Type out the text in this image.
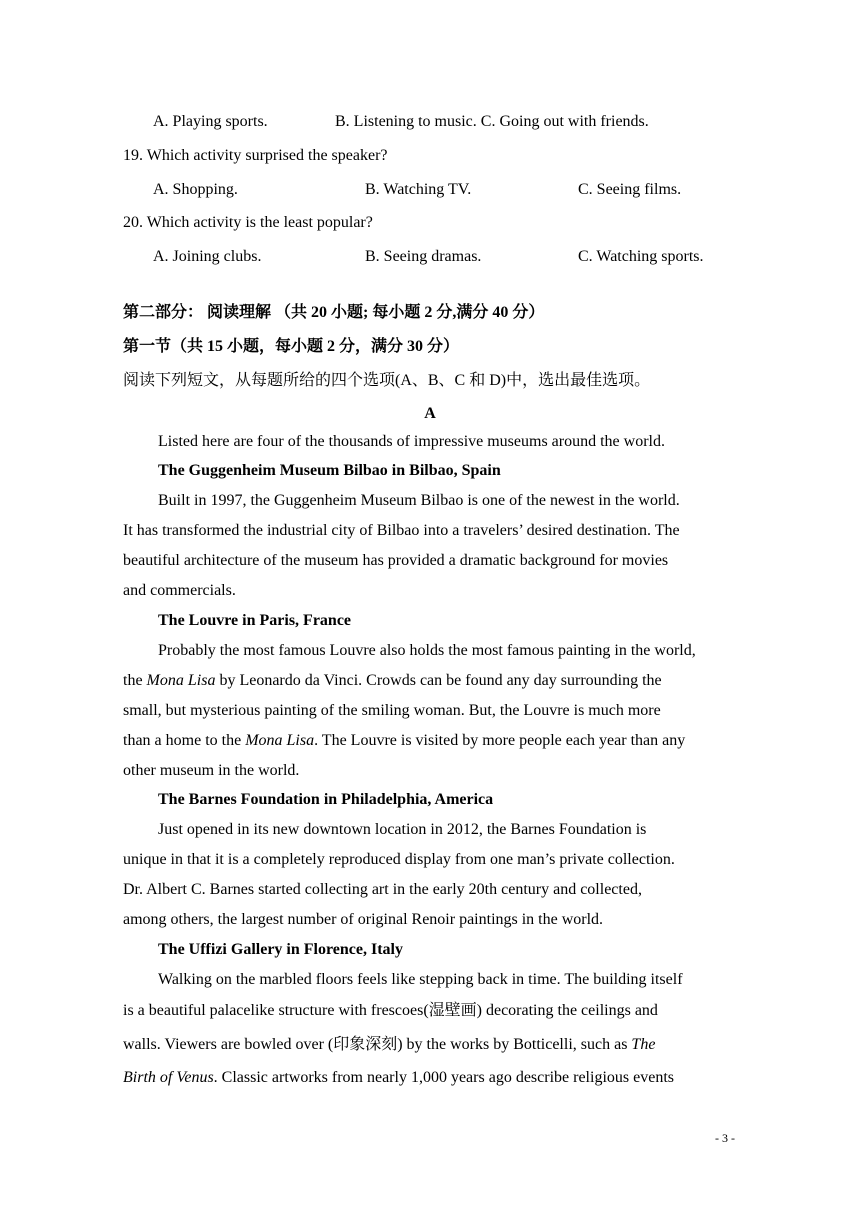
A. Playing sports.	B. Listening to music. C. Going out with friends.
19. Which activity surprised the speaker?
A. Shopping.	B. Watching TV.	C. Seeing films.
20. Which activity is the least popular?
A. Joining clubs.	B. Seeing dramas.	C. Watching sports.
第二部分： 阅读理解 （共 20 小题; 每小题 2 分,满分 40 分）
第一节（共 15 小题，每小题 2 分，满分 30 分）
阅读下列短文，从每题所给的四个选项(A、B、C 和 D)中，选出最佳选项。
A
Listed here are four of the thousands of impressive museums around the world.
The Guggenheim Museum Bilbao in Bilbao, Spain
Built in 1997, the Guggenheim Museum Bilbao is one of the newest in the world.
It has transformed the industrial city of Bilbao into a travelers’ desired destination. The
beautiful architecture of the museum has provided a dramatic background for movies
and commercials.
The Louvre in Paris, France
Probably the most famous Louvre also holds the most famous painting in the world,
the Mona Lisa by Leonardo da Vinci. Crowds can be found any day surrounding the
small, but mysterious painting of the smiling woman. But, the Louvre is much more
than a home to the Mona Lisa. The Louvre is visited by more people each year than any
other museum in the world.
The Barnes Foundation in Philadelphia, America
Just opened in its new downtown location in 2012, the Barnes Foundation is
unique in that it is a completely reproduced display from one man’s private collection.
Dr. Albert C. Barnes started collecting art in the early 20th century and collected,
among others, the largest number of original Renoir paintings in the world.
The Uffizi Gallery in Florence, Italy
Walking on the marbled floors feels like stepping back in time. The building itself
is a beautiful palacelike structure with frescoes(湿壁画) decorating the ceilings and
walls. Viewers are bowled over (印象深刻) by the works by Botticelli, such as The
Birth of Venus. Classic artworks from nearly 1,000 years ago describe religious events
- 3 -
